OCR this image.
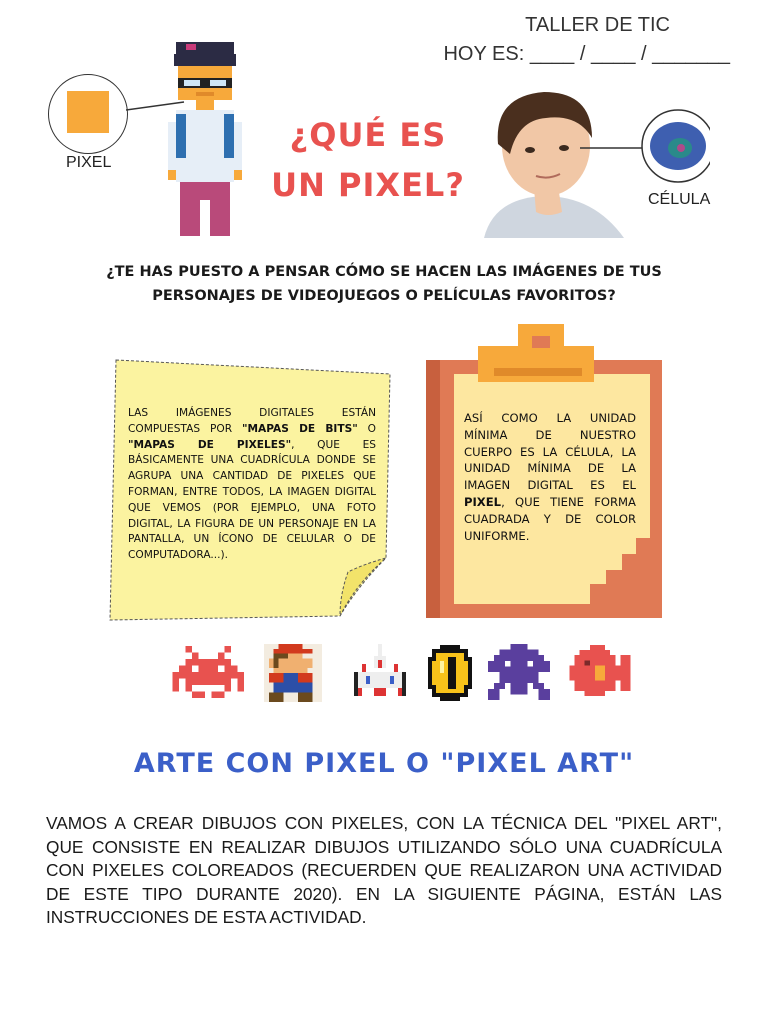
TALLER DE TIC
HOY ES: ____ / ____ / _______
PIXEL
¿QUÉ ES
UN PIXEL?	CÉLULA
¿TE HAS PUESTO A PENSAR CÓMO SE HACEN LAS IMÁGENES DE TUS PERSONAJES DE VIDEOJUEGOS O PELÍCULAS FAVORITOS?
LAS IMÁGENES DIGITALES ESTÁN COMPUESTAS POR "MAPAS DE BITS" O "MAPAS DE PIXELES", QUE ES BÁSICAMENTE UNA CUADRÍCULA DONDE SE AGRUPA UNA CANTIDAD DE PIXELES QUE FORMAN, ENTRE TODOS, LA IMAGEN DIGITAL QUE VEMOS (POR EJEMPLO, UNA FOTO DIGITAL, LA FIGURA DE UN PERSONAJE EN LA PANTALLA, UN ÍCONO DE CELULAR O DE COMPUTADORA...).
ASÍ COMO LA UNIDAD MÍNIMA DE NUESTRO CUERPO ES LA CÉLULA, LA UNIDAD MÍNIMA DE LA IMAGEN DIGITAL ES EL PIXEL, QUE TIENE FORMA CUADRADA Y DE COLOR UNIFORME.
ARTE CON PIXEL O "PIXEL ART"
VAMOS A CREAR DIBUJOS CON PIXELES, CON LA TÉCNICA DEL "PIXEL ART", QUE CONSISTE EN REALIZAR DIBUJOS UTILIZANDO SÓLO UNA CUADRÍCULA CON PIXELES COLOREADOS (RECUERDEN QUE REALIZARON UNA ACTIVIDAD DE ESTE TIPO DURANTE 2020). EN LA SIGUIENTE PÁGINA, ESTÁN LAS INSTRUCCIONES DE ESTA ACTIVIDAD.
